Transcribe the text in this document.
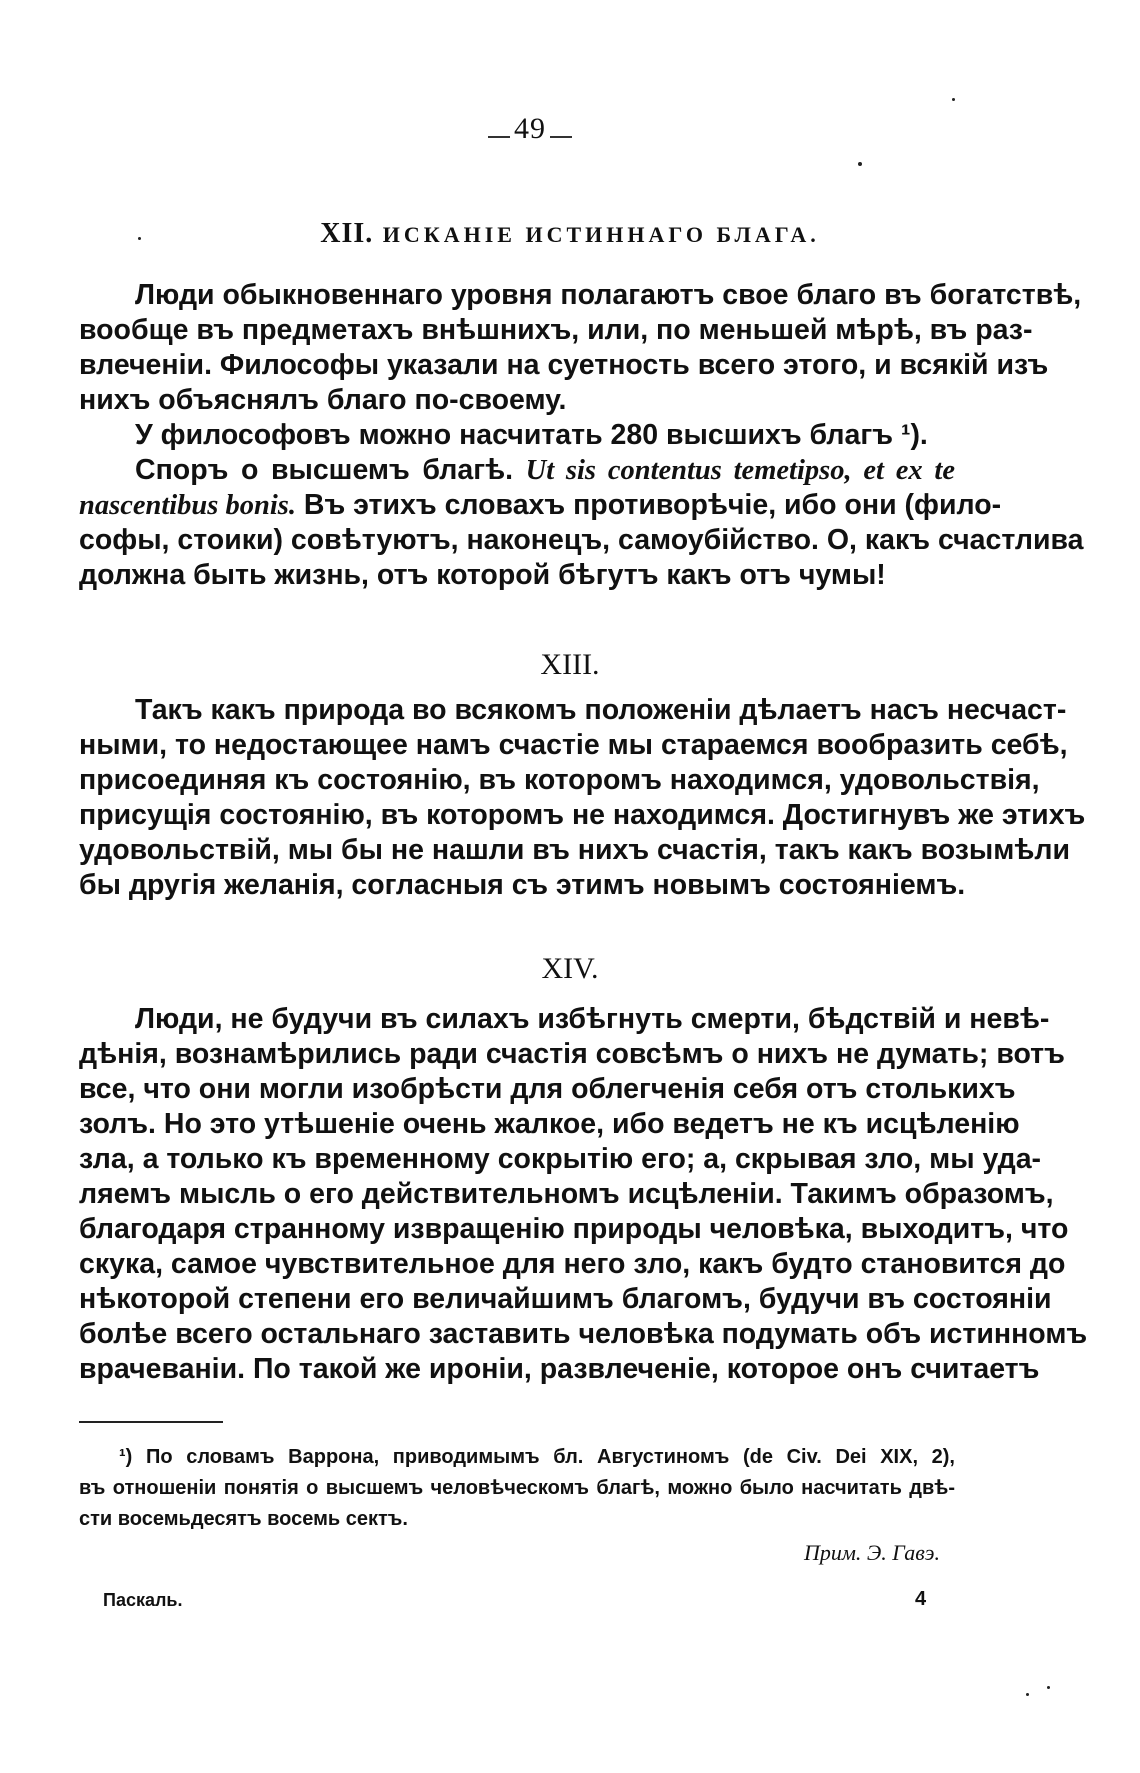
49
XII. ИСКАНІЕ ИСТИННАГО БЛАГА.
Люди обыкновеннаго уровня полагаютъ свое благо въ богатствѣ,
вообще въ предметахъ внѣшнихъ, или, по меньшей мѣрѣ, въ раз-
влеченіи. Философы указали на суетность всего этого, и всякій изъ
нихъ объяснялъ благо по-своему.
У философовъ можно насчитать 280 высшихъ благъ ¹).
Споръ о высшемъ благѣ. Ut sis contentus temetipso, et ex te
nascentibus bonis. Въ этихъ словахъ противорѣчіе, ибо они (фило-
софы, стоики) совѣтуютъ, наконецъ, самоубійство. О, какъ счастлива
должна быть жизнь, отъ которой бѣгутъ какъ отъ чумы!
XIII.
Такъ какъ природа во всякомъ положеніи дѣлаетъ насъ несчаст-
ными, то недостающее намъ счастіе мы стараемся вообразить себѣ,
присоединяя къ состоянію, въ которомъ находимся, удовольствія,
присущія состоянію, въ которомъ не находимся. Достигнувъ же этихъ
удовольствій, мы бы не нашли въ нихъ счастія, такъ какъ возымѣли
бы другія желанія, согласныя съ этимъ новымъ состояніемъ.
XIV.
Люди, не будучи въ силахъ избѣгнуть смерти, бѣдствій и невѣ-
дѣнія, вознамѣрились ради счастія совсѣмъ о нихъ не думать; вотъ
все, что они могли изобрѣсти для облегченія себя отъ столькихъ
золъ. Но это утѣшеніе очень жалкое, ибо ведетъ не къ исцѣленію
зла, а только къ временному сокрытію его; а, скрывая зло, мы уда-
ляемъ мысль о его действительномъ исцѣленіи. Такимъ образомъ,
благодаря странному извращенію природы человѣка, выходитъ, что
скука, самое чувствительное для него зло, какъ будто становится до
нѣкоторой степени его величайшимъ благомъ, будучи въ состояніи
болѣе всего остальнаго заставить человѣка подумать объ истинномъ
врачеваніи. По такой же ироніи, развлеченіе, которое онъ считаетъ
¹) По словамъ Варрона, приводимымъ бл. Августиномъ (de Civ. Dei XIX, 2),
въ отношеніи понятія о высшемъ человѣческомъ благѣ, можно было насчитать двѣ-
сти восемьдесятъ восемь сектъ.
Прим. Э. Гавэ.
Паскаль.	4
